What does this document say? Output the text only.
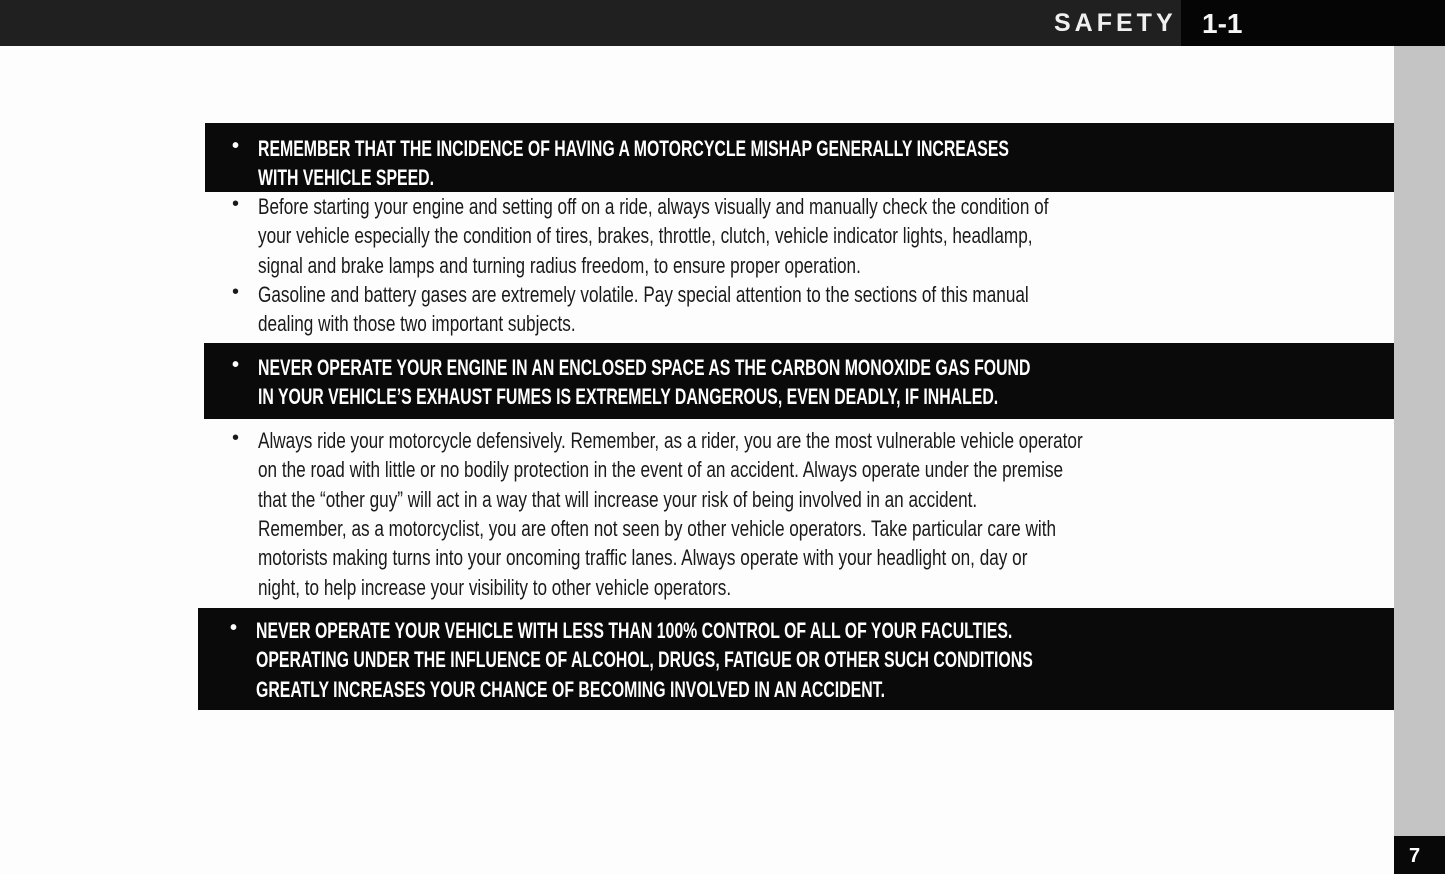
SAFETY 1-1
7
• REMEMBER THAT THE INCIDENCE OF HAVING A MOTORCYCLE MISHAP GENERALLY INCREASES
WITH VEHICLE SPEED.
• Before starting your engine and setting off on a ride, always visually and manually check the condition of
your vehicle especially the condition of tires, brakes, throttle, clutch, vehicle indicator lights, headlamp,
signal and brake lamps and turning radius freedom, to ensure proper operation.
• Gasoline and battery gases are extremely volatile. Pay special attention to the sections of this manual
dealing with those two important subjects.
• NEVER OPERATE YOUR ENGINE IN AN ENCLOSED SPACE AS THE CARBON MONOXIDE GAS FOUND
IN YOUR VEHICLE’S EXHAUST FUMES IS EXTREMELY DANGEROUS, EVEN DEADLY, IF INHALED.
• Always ride your motorcycle defensively. Remember, as a rider, you are the most vulnerable vehicle operator
on the road with little or no bodily protection in the event of an accident. Always operate under the premise
that the “other guy” will act in a way that will increase your risk of being involved in an accident.
Remember, as a motorcyclist, you are often not seen by other vehicle operators. Take particular care with
motorists making turns into your oncoming traffic lanes. Always operate with your headlight on, day or
night, to help increase your visibility to other vehicle operators.
• NEVER OPERATE YOUR VEHICLE WITH LESS THAN 100% CONTROL OF ALL OF YOUR FACULTIES.
OPERATING UNDER THE INFLUENCE OF ALCOHOL, DRUGS, FATIGUE OR OTHER SUCH CONDITIONS
GREATLY INCREASES YOUR CHANCE OF BECOMING INVOLVED IN AN ACCIDENT.
